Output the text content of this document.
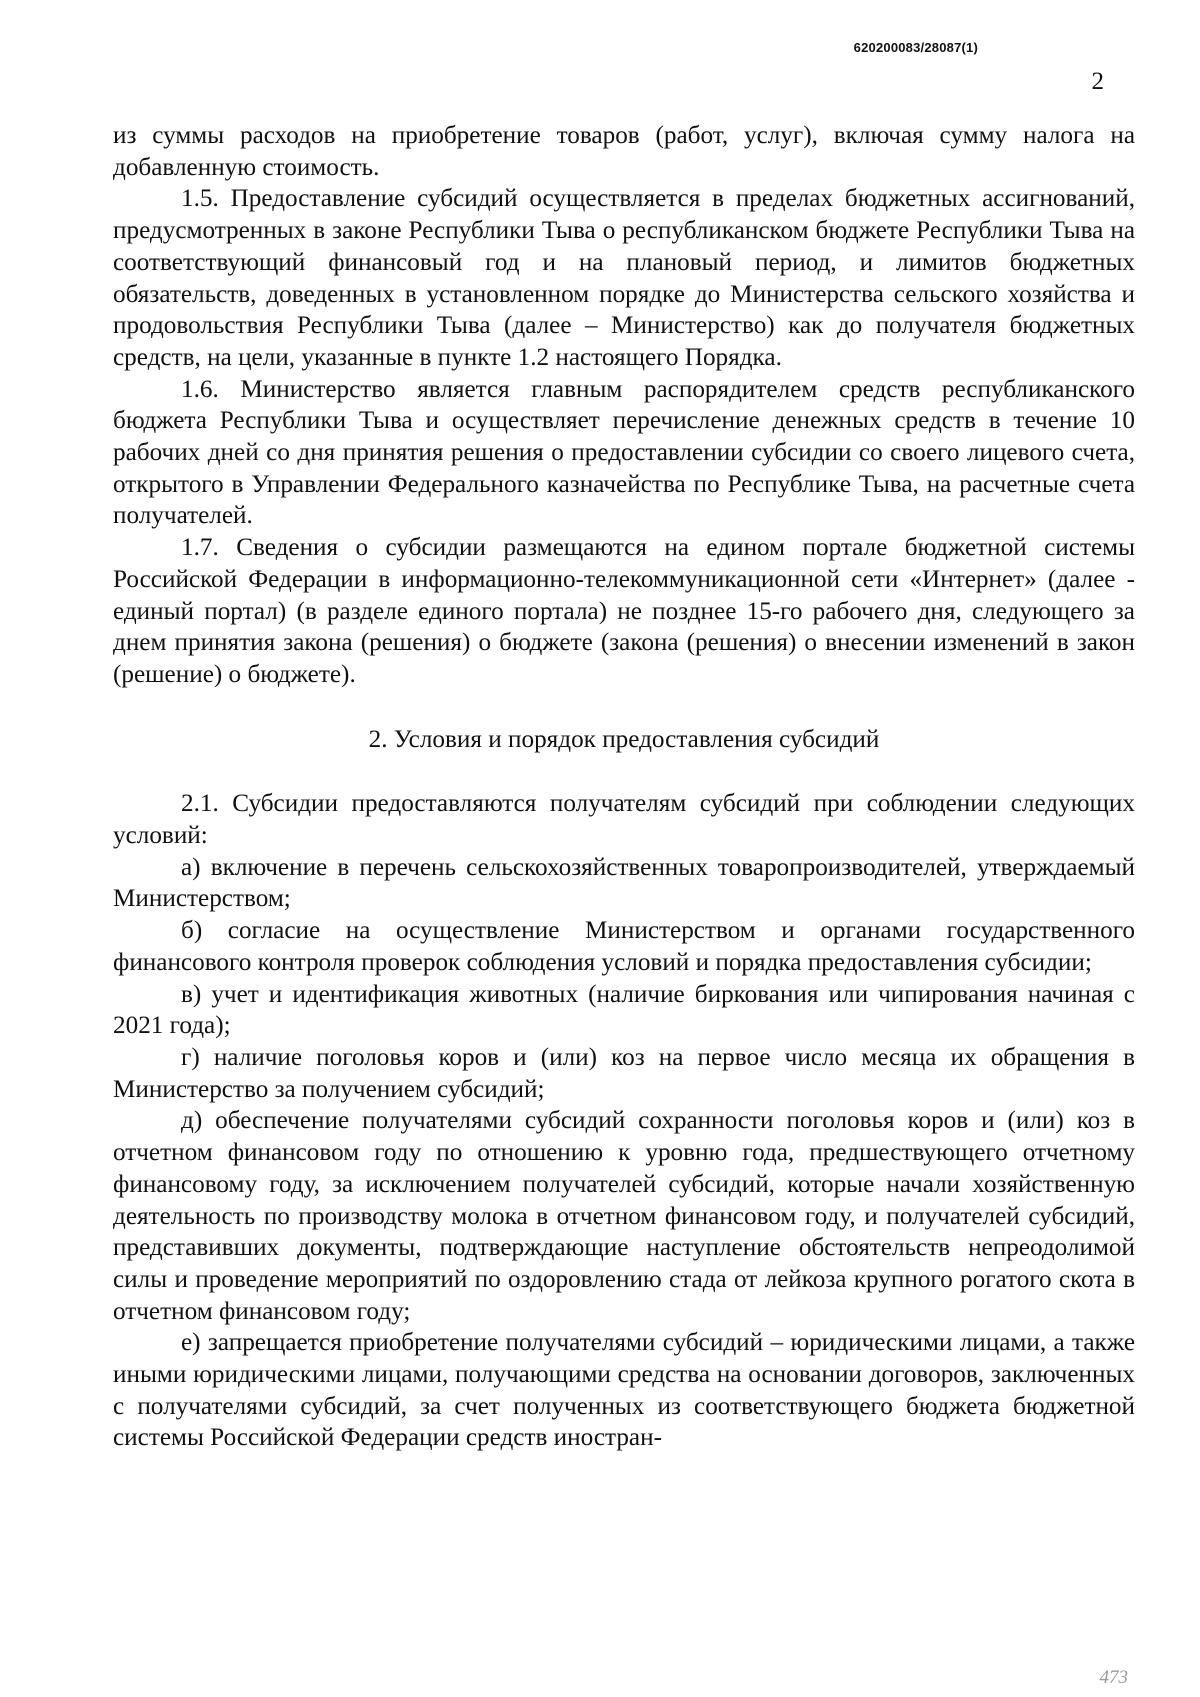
620200083/28087(1)
2

из суммы расходов на приобретение товаров (работ, услуг), включая сумму налога на добавленную стоимость.

1.5. Предоставление субсидий осуществляется в пределах бюджетных ассигнований, предусмотренных в законе Республики Тыва о республиканском бюджете Республики Тыва на соответствующий финансовый год и на плановый период, и лимитов бюджетных обязательств, доведенных в установленном порядке до Министерства сельского хозяйства и продовольствия Республики Тыва (далее – Министерство) как до получателя бюджетных средств, на цели, указанные в пункте 1.2 настоящего Порядка.

1.6. Министерство является главным распорядителем средств республиканского бюджета Республики Тыва и осуществляет перечисление денежных средств в течение 10 рабочих дней со дня принятия решения о предоставлении субсидии со своего лицевого счета, открытого в Управлении Федерального казначейства по Республике Тыва, на расчетные счета получателей.

1.7. Сведения о субсидии размещаются на едином портале бюджетной системы Российской Федерации в информационно-телекоммуникационной сети «Интернет» (далее - единый портал) (в разделе единого портала) не позднее 15-го рабочего дня, следующего за днем принятия закона (решения) о бюджете (закона (решения) о внесении изменений в закон (решение) о бюджете).

2. Условия и порядок предоставления субсидий

2.1. Субсидии предоставляются получателям субсидий при соблюдении следующих условий:

а) включение в перечень сельскохозяйственных товаропроизводителей, утверждаемый Министерством;

б) согласие на осуществление Министерством и органами государственного финансового контроля проверок соблюдения условий и порядка предоставления субсидии;

в) учет и идентификация животных (наличие биркования или чипирования начиная с 2021 года);

г) наличие поголовья коров и (или) коз на первое число месяца их обращения в Министерство за получением субсидий;

д) обеспечение получателями субсидий сохранности поголовья коров и (или) коз в отчетном финансовом году по отношению к уровню года, предшествующего отчетному финансовому году, за исключением получателей субсидий, которые начали хозяйственную деятельность по производству молока в отчетном финансовом году, и получателей субсидий, представивших документы, подтверждающие наступление обстоятельств непреодолимой силы и проведение мероприятий по оздоровлению стада от лейкоза крупного рогатого скота в отчетном финансовом году;

е) запрещается приобретение получателями субсидий – юридическими лицами, а также иными юридическими лицами, получающими средства на основании договоров, заключенных с получателями субсидий, за счет полученных из соответствующего бюджета бюджетной системы Российской Федерации средств иностран-

473
